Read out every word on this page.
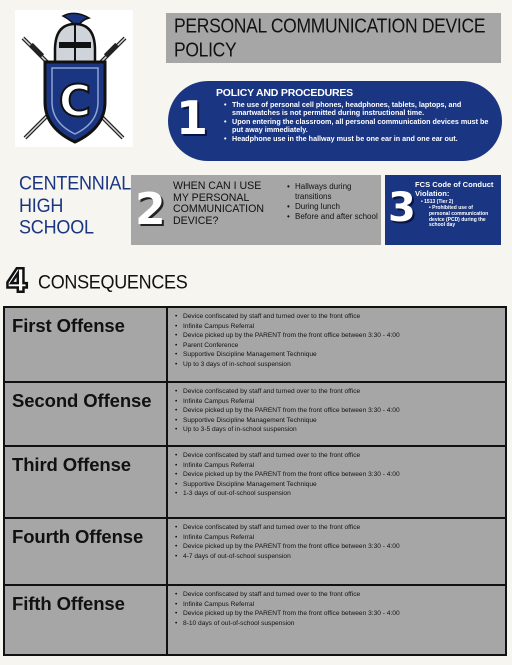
C
PERSONAL COMMUNICATION DEVICE POLICY
1 POLICY AND PROCEDURES
• The use of personal cell phones, headphones, tablets, laptops, and smartwatches is not permitted during instructional time.
• Upon entering the classroom, all personal communication devices must be put away immediately.
• Headphone use in the hallway must be one ear in and one ear out.
CENTENNIAL
HIGH
SCHOOL 2 WHEN CAN I USE MY PERSONAL COMMUNICATION DEVICE?
• Hallways during transitions
• During lunch
• Before and after school 3
FCS Code of Conduct Violation:
• 1513 (Tier 2)
• Prohibited use of personal communication device (PCD) during the school day
4 CONSEQUENCES
First Offense	• Device confiscated by staff and turned over to the front office
• Infinite Campus Referral
• Device picked up by the PARENT from the front office between 3:30 - 4:00
• Parent Conference
• Supportive Discipline Management Technique
• Up to 3 days of in-school suspension
Second Offense	• Device confiscated by staff and turned over to the front office
• Infinite Campus Referral
• Device picked up by the PARENT from the front office between 3:30 - 4:00
• Supportive Discipline Management Technique
• Up to 3-5 days of in-school suspension
Third Offense	• Device confiscated by staff and turned over to the front office
• Infinite Campus Referral
• Device picked up by the PARENT from the front office between 3:30 - 4:00
• Supportive Discipline Management Technique
• 1-3 days of out-of-school suspension
Fourth Offense	• Device confiscated by staff and turned over to the front office
• Infinite Campus Referral
• Device picked up by the PARENT from the front office between 3:30 - 4:00
• 4-7 days of out-of-school suspension
Fifth Offense	• Device confiscated by staff and turned over to the front office
• Infinite Campus Referral
• Device picked up by the PARENT from the front office between 3:30 - 4:00
• 8-10 days of out-of-school suspension
